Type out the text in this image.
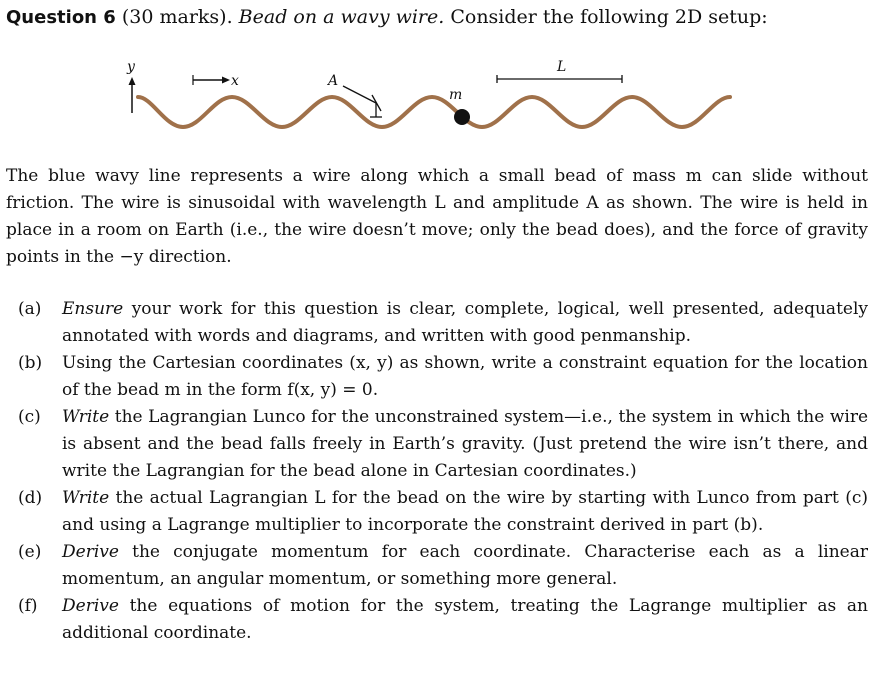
Question 6 (30 marks). Bead on a wavy wire. Consider the following 2D setup:
y
x	A
m
L
The blue wavy line represents a wire along which a small bead of mass m can slide without friction. The wire is sinusoidal with wavelength L and amplitude A as shown. The wire is held in place in a room on Earth (i.e., the wire doesn’t move; only the bead does), and the force of gravity points in the −y direction.
(a) Ensure your work for this question is clear, complete, logical, well presented, adequately annotated with words and diagrams, and written with good penmanship.
(b) Using the Cartesian coordinates (x, y) as shown, write a constraint equation for the location of the bead m in the form f(x, y) = 0.
(c) Write the Lagrangian Lunco for the unconstrained system—i.e., the system in which the wire is absent and the bead falls freely in Earth’s gravity. (Just pretend the wire isn’t there, and write the Lagrangian for the bead alone in Cartesian coordinates.)
(d) Write the actual Lagrangian L for the bead on the wire by starting with Lunco from part (c) and using a Lagrange multiplier to incorporate the constraint derived in part (b).
(e) Derive the conjugate momentum for each coordinate. Characterise each as a linear momentum, an angular momentum, or something more general.
(f) Derive the equations of motion for the system, treating the Lagrange multiplier as an additional coordinate.
